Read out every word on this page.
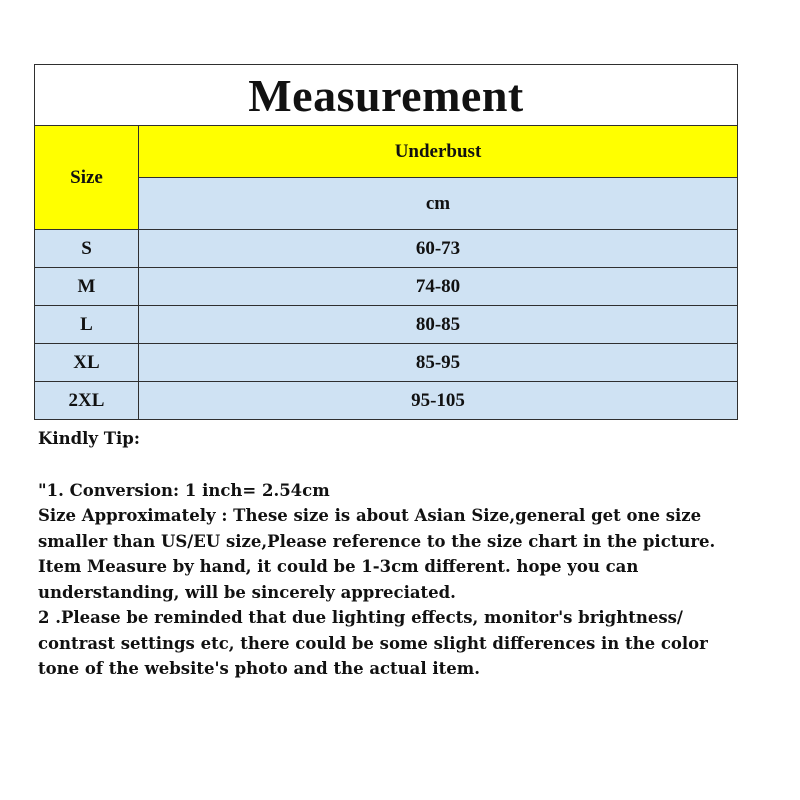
Measurement	
Size	Underbust
	cm
S	60-73
M	74-80
L	80-85
XL	85-95
2XL	95-105

Kindly Tip:

"1. Conversion: 1 inch= 2.54cm

Size Approximately : These size is about Asian Size,general get one size

smaller than US/EU size,Please reference to the size chart in the picture.

Item Measure by hand, it could be 1-3cm different. hope you can

understanding, will be sincerely appreciated.

2 .Please be reminded that due lighting effects, monitor's brightness/

contrast settings etc, there could be some slight differences in the color

tone of the website's photo and the actual item.
